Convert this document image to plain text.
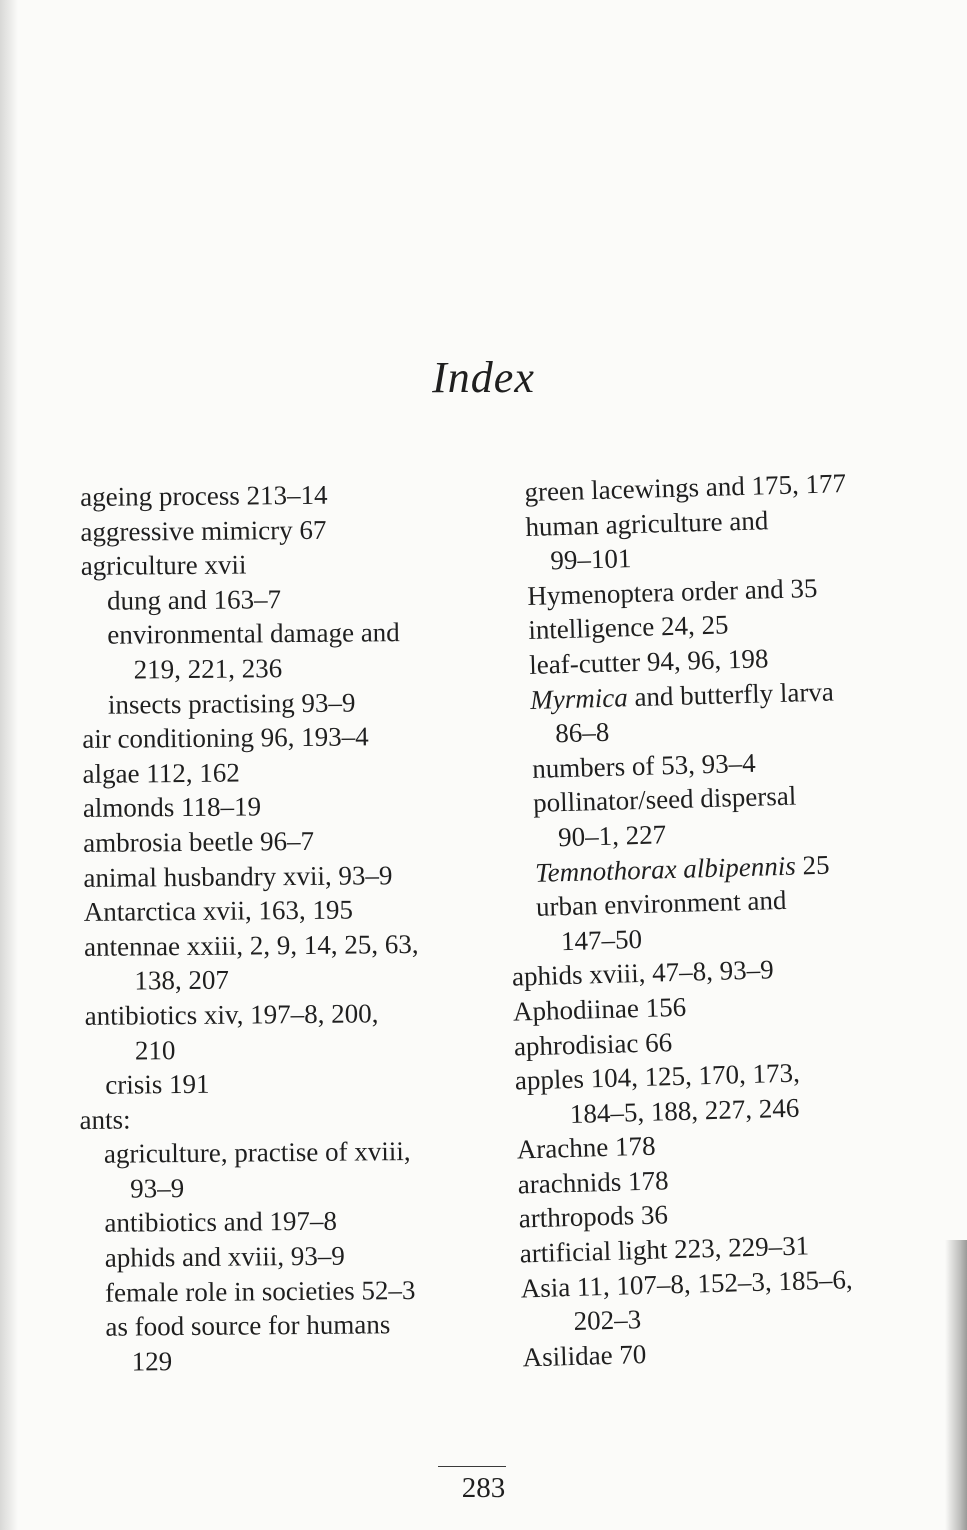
Index
ageing process 213–14
aggressive mimicry 67
agriculture xvii
dung and 163–7
environmental damage and
219, 221, 236
insects practising 93–9
air conditioning 96, 193–4
algae 112, 162
almonds 118–19
ambrosia beetle 96–7
animal husbandry xvii, 93–9
Antarctica xvii, 163, 195
antennae xxiii, 2, 9, 14, 25, 63,
138, 207
antibiotics xiv, 197–8, 200,
210
crisis 191
ants:
agriculture, practise of xviii,
93–9
antibiotics and 197–8
aphids and xviii, 93–9
female role in societies 52–3
as food source for humans
129
green lacewings and 175, 177
human agriculture and
99–101
Hymenoptera order and 35
intelligence 24, 25
leaf-cutter 94, 96, 198
Myrmica and butterfly larva
86–8
numbers of 53, 93–4
pollinator/seed dispersal
90–1, 227
Temnothorax albipennis 25
urban environment and
147–50
aphids xviii, 47–8, 93–9
Aphodiinae 156
aphrodisiac 66
apples 104, 125, 170, 173,
184–5, 188, 227, 246
Arachne 178
arachnids 178
arthropods 36
artificial light 223, 229–31
Asia 11, 107–8, 152–3, 185–6,
202–3
Asilidae 70
283
